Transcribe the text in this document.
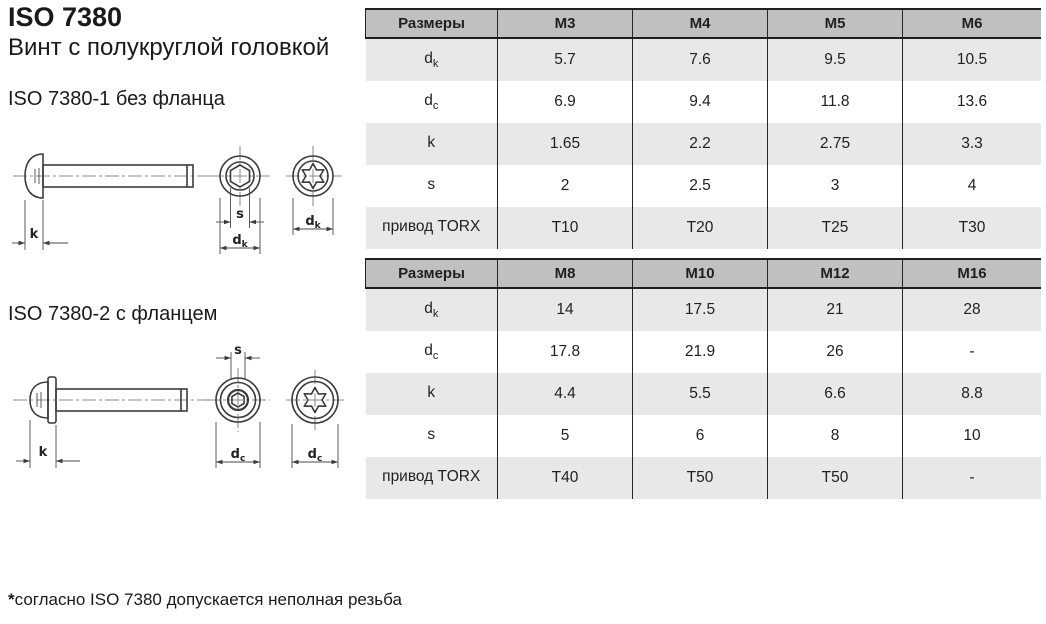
ISO 7380
Винт с полукруглой головкой
ISO 7380-1 без фланца
k
s
$d_k$
$d_k$
ISO 7380-2 с фланцем
k
s
$d_c$	$d_c$
Размеры	M3	M4	M5	M6
$d_k$	5.7	7.6	9.5	10.5
$d_c$	6.9	9.4	11.8	13.6
k	1.65	2.2	2.75	3.3
s	2	2.5	3	4
привод TORX	T10	T20	T25	T30
Размеры	M8	M10	M12	M16
$d_k$	14	17.5	21	28
$d_c$	17.8	21.9	26	-
k	4.4	5.5	6.6	8.8
s	5	6	8	10
привод TORX	T40	T50	T50	-
*согласно ISO 7380 допускается неполная резьба
